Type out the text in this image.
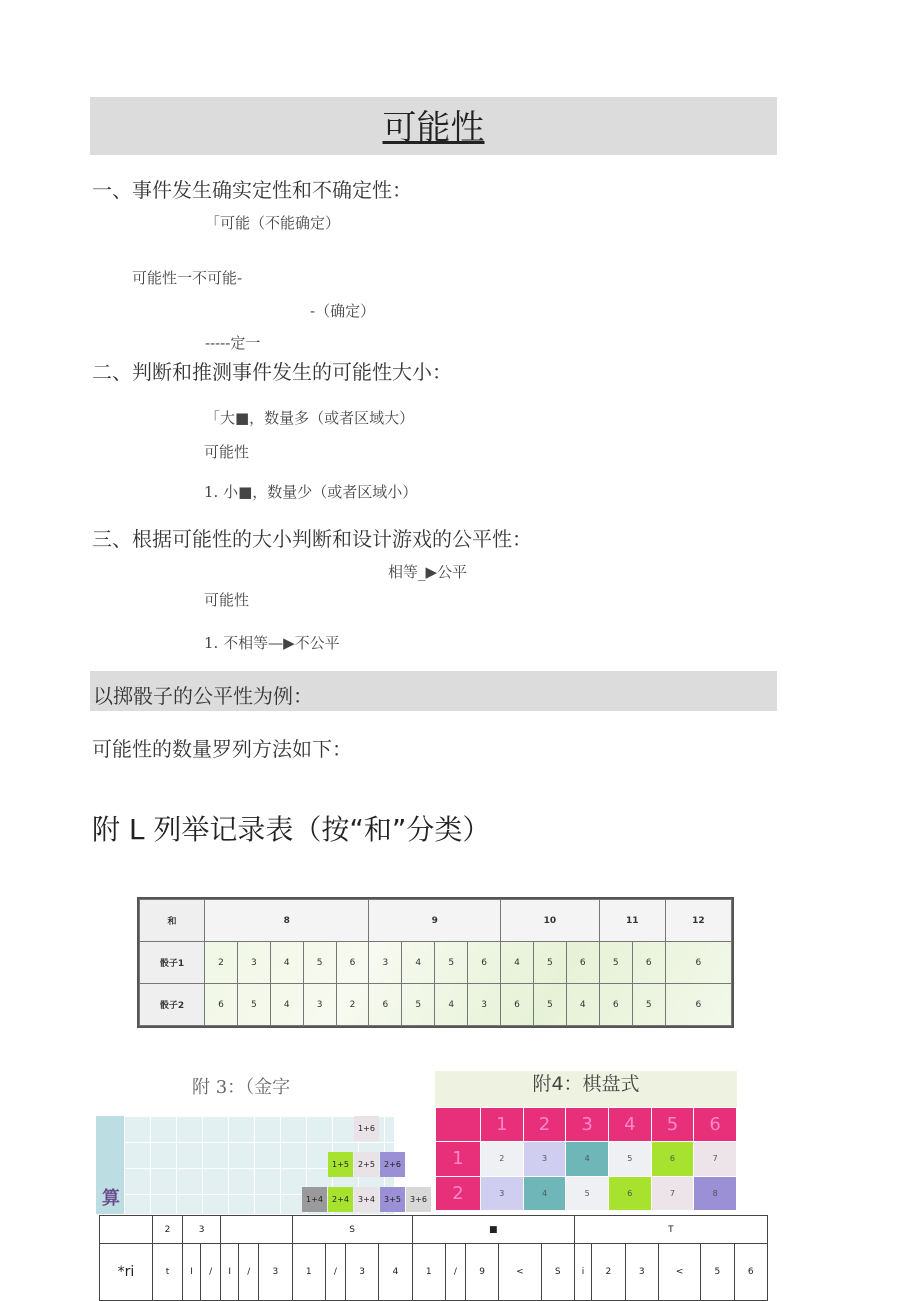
可能性
一、事件发生确实定性和不确定性：
「可能（不能确定）
可能性一不可能-
-（确定）
-----定一
二、判断和推测事件发生的可能性大小：
「大■，数量多（或者区域大）
可能性
1. 小■，数量少（或者区域小）
三、根据可能性的大小判断和设计游戏的公平性：
相等_▶公平
可能性
1. 不相等—▶不公平
以掷骰子的公平性为例：
可能性的数量罗列方法如下：
附 L 列举记录表（按“和”分类）
和	8					9				10			11		12
骰子1	2	3	4	5	6	3	4	5	6	4	5	6	5	6	6
骰子2	6	5	4	3	2	6	5	4	3	6	5	4	6	5	6
附 3：（金字
算
1+6
1+5	2+5	2+6
1+4	2+4	3+4	3+5	3+6
附4：棋盘式
	1	2	3	4	5	6
1	2	3	4	5	6	7
2	3	4	5	6	7	8
	2	3					S				■					T					
*ri	t	I	/	I	/	3	1	/	3	4	1	/	9	<	S	i	2	3	<	5	6
